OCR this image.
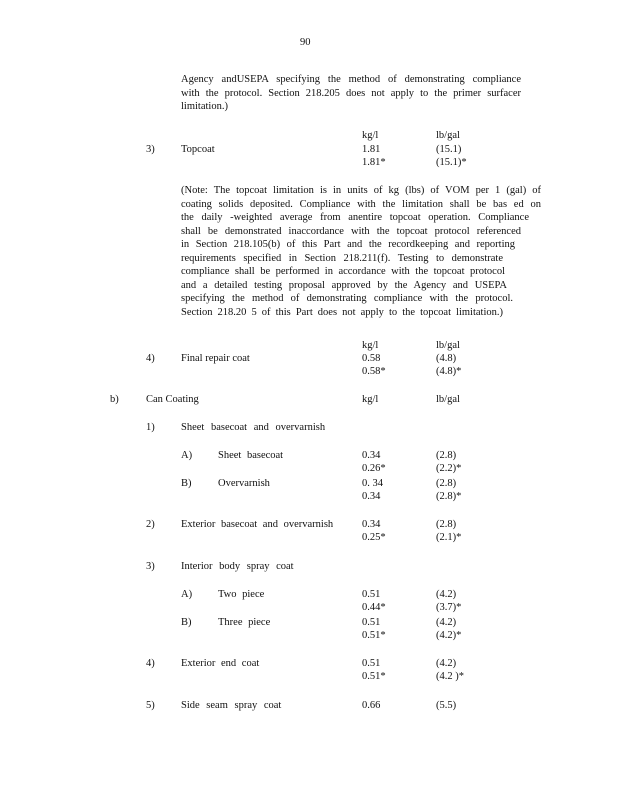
90
Agency andUSEPA specifying the method of demonstrating compliance
with the protocol. Section 218.205 does not apply to the primer surfacer
limitation.)
kg/l	lb/gal
3)	Topcoat	1.81	(15.1)
1.81*	(15.1)*
(Note: The topcoat limitation is in units of kg (lbs) of VOM per 1 (gal) of
coating solids deposited. Compliance with the limitation shall be bas ed on
the daily -weighted average from anentire topcoat operation. Compliance
shall be demonstrated inaccordance with the topcoat protocol referenced
in Section 218.105(b) of this Part and the recordkeeping and reporting
requirements specified in Section 218.211(f). Testing to demonstrate
compliance shall be performed in accordance with the topcoat protocol
and a detailed testing proposal approved by the Agency and USEPA
specifying the method of demonstrating compliance with the protocol.
Section 218.20 5 of this Part does not apply to the topcoat limitation.)
kg/l	lb/gal
4)	Final repair coat	0.58	(4.8)
0.58*	(4.8)*
b)	Can Coating	kg/l	lb/gal
1)	Sheet basecoat and overvarnish
A) Sheet basecoat	0.34	(2.8)
0.26*	(2.2)*
B)	Overvarnish	0. 34	(2.8)
0.34	(2.8)*
2)	Exterior basecoat and overvarnish	0.34	(2.8)
0.25*	(2.1)*
3)	Interior body spray coat
A) Two piece	0.51	(4.2)
0.44*	(3.7)*
B)	Three piece	0.51	(4.2)
0.51*	(4.2)*
4)	Exterior end coat	0.51	(4.2)
0.51*	(4.2 )*
5)	Side seam spray coat	0.66	(5.5)
